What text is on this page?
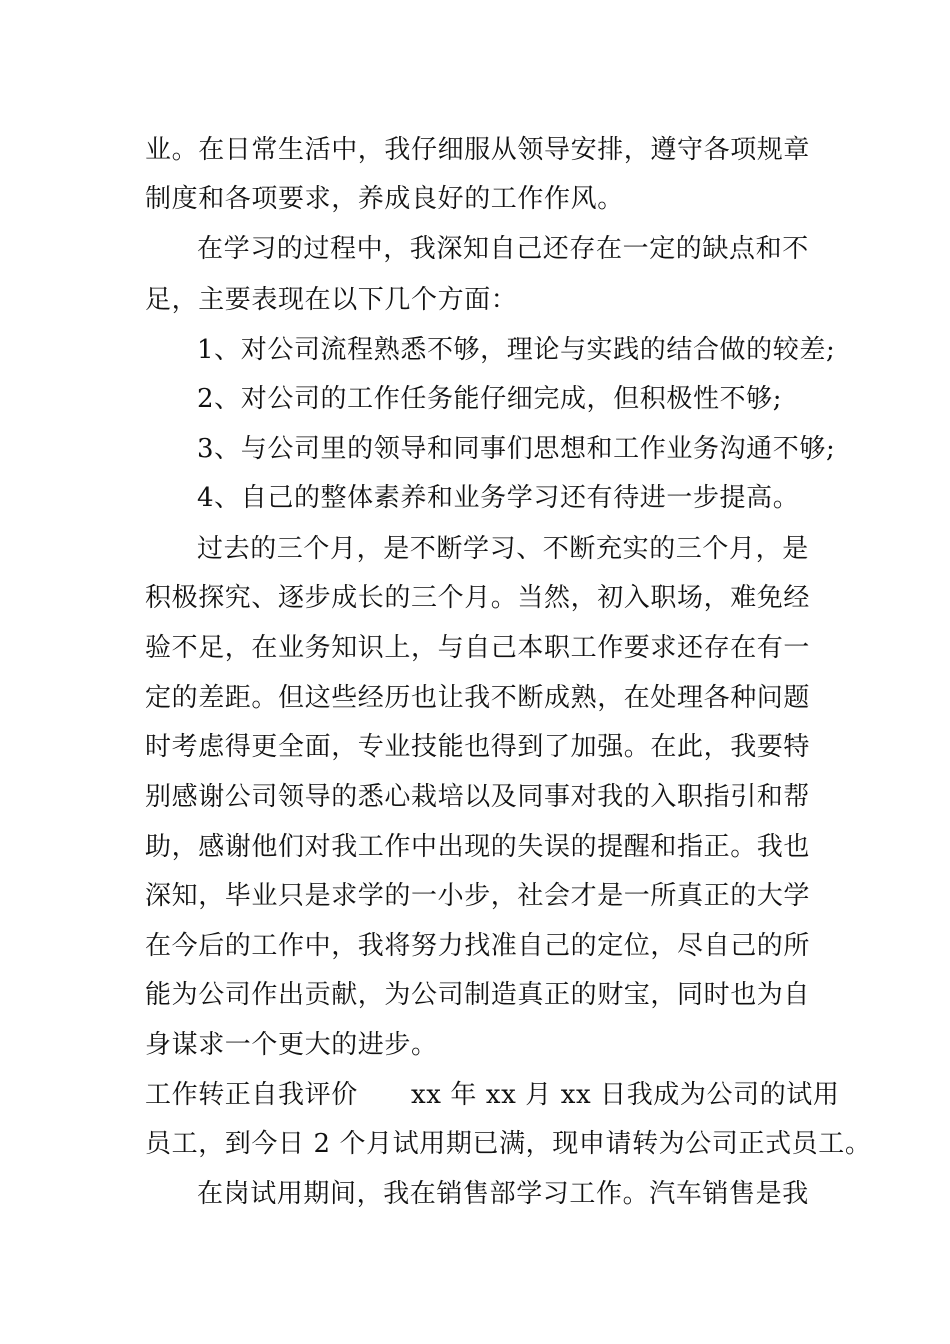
业。在日常生活中，我仔细服从领导安排，遵守各项规章
制度和各项要求，养成良好的工作作风。
在学习的过程中，我深知自己还存在一定的缺点和不
足，主要表现在以下几个方面：
1、对公司流程熟悉不够，理论与实践的结合做的较差;
2、对公司的工作任务能仔细完成，但积极性不够;
3、与公司里的领导和同事们思想和工作业务沟通不够;
4、自己的整体素养和业务学习还有待进一步提高。
过去的三个月，是不断学习、不断充实的三个月，是
积极探究、逐步成长的三个月。当然，初入职场，难免经
验不足，在业务知识上，与自己本职工作要求还存在有一
定的差距。但这些经历也让我不断成熟，在处理各种问题
时考虑得更全面，专业技能也得到了加强。在此，我要特
别感谢公司领导的悉心栽培以及同事对我的入职指引和帮
助，感谢他们对我工作中出现的失误的提醒和指正。我也
深知，毕业只是求学的一小步，社会才是一所真正的大学
在今后的工作中，我将努力找准自己的定位，尽自己的所
能为公司作出贡献，为公司制造真正的财宝，同时也为自
身谋求一个更大的进步。
工作转正自我评价　　xx 年 xx 月 xx 日我成为公司的试用
员工，到今日 2 个月试用期已满，现申请转为公司正式员工。
在岗试用期间，我在销售部学习工作。汽车销售是我
